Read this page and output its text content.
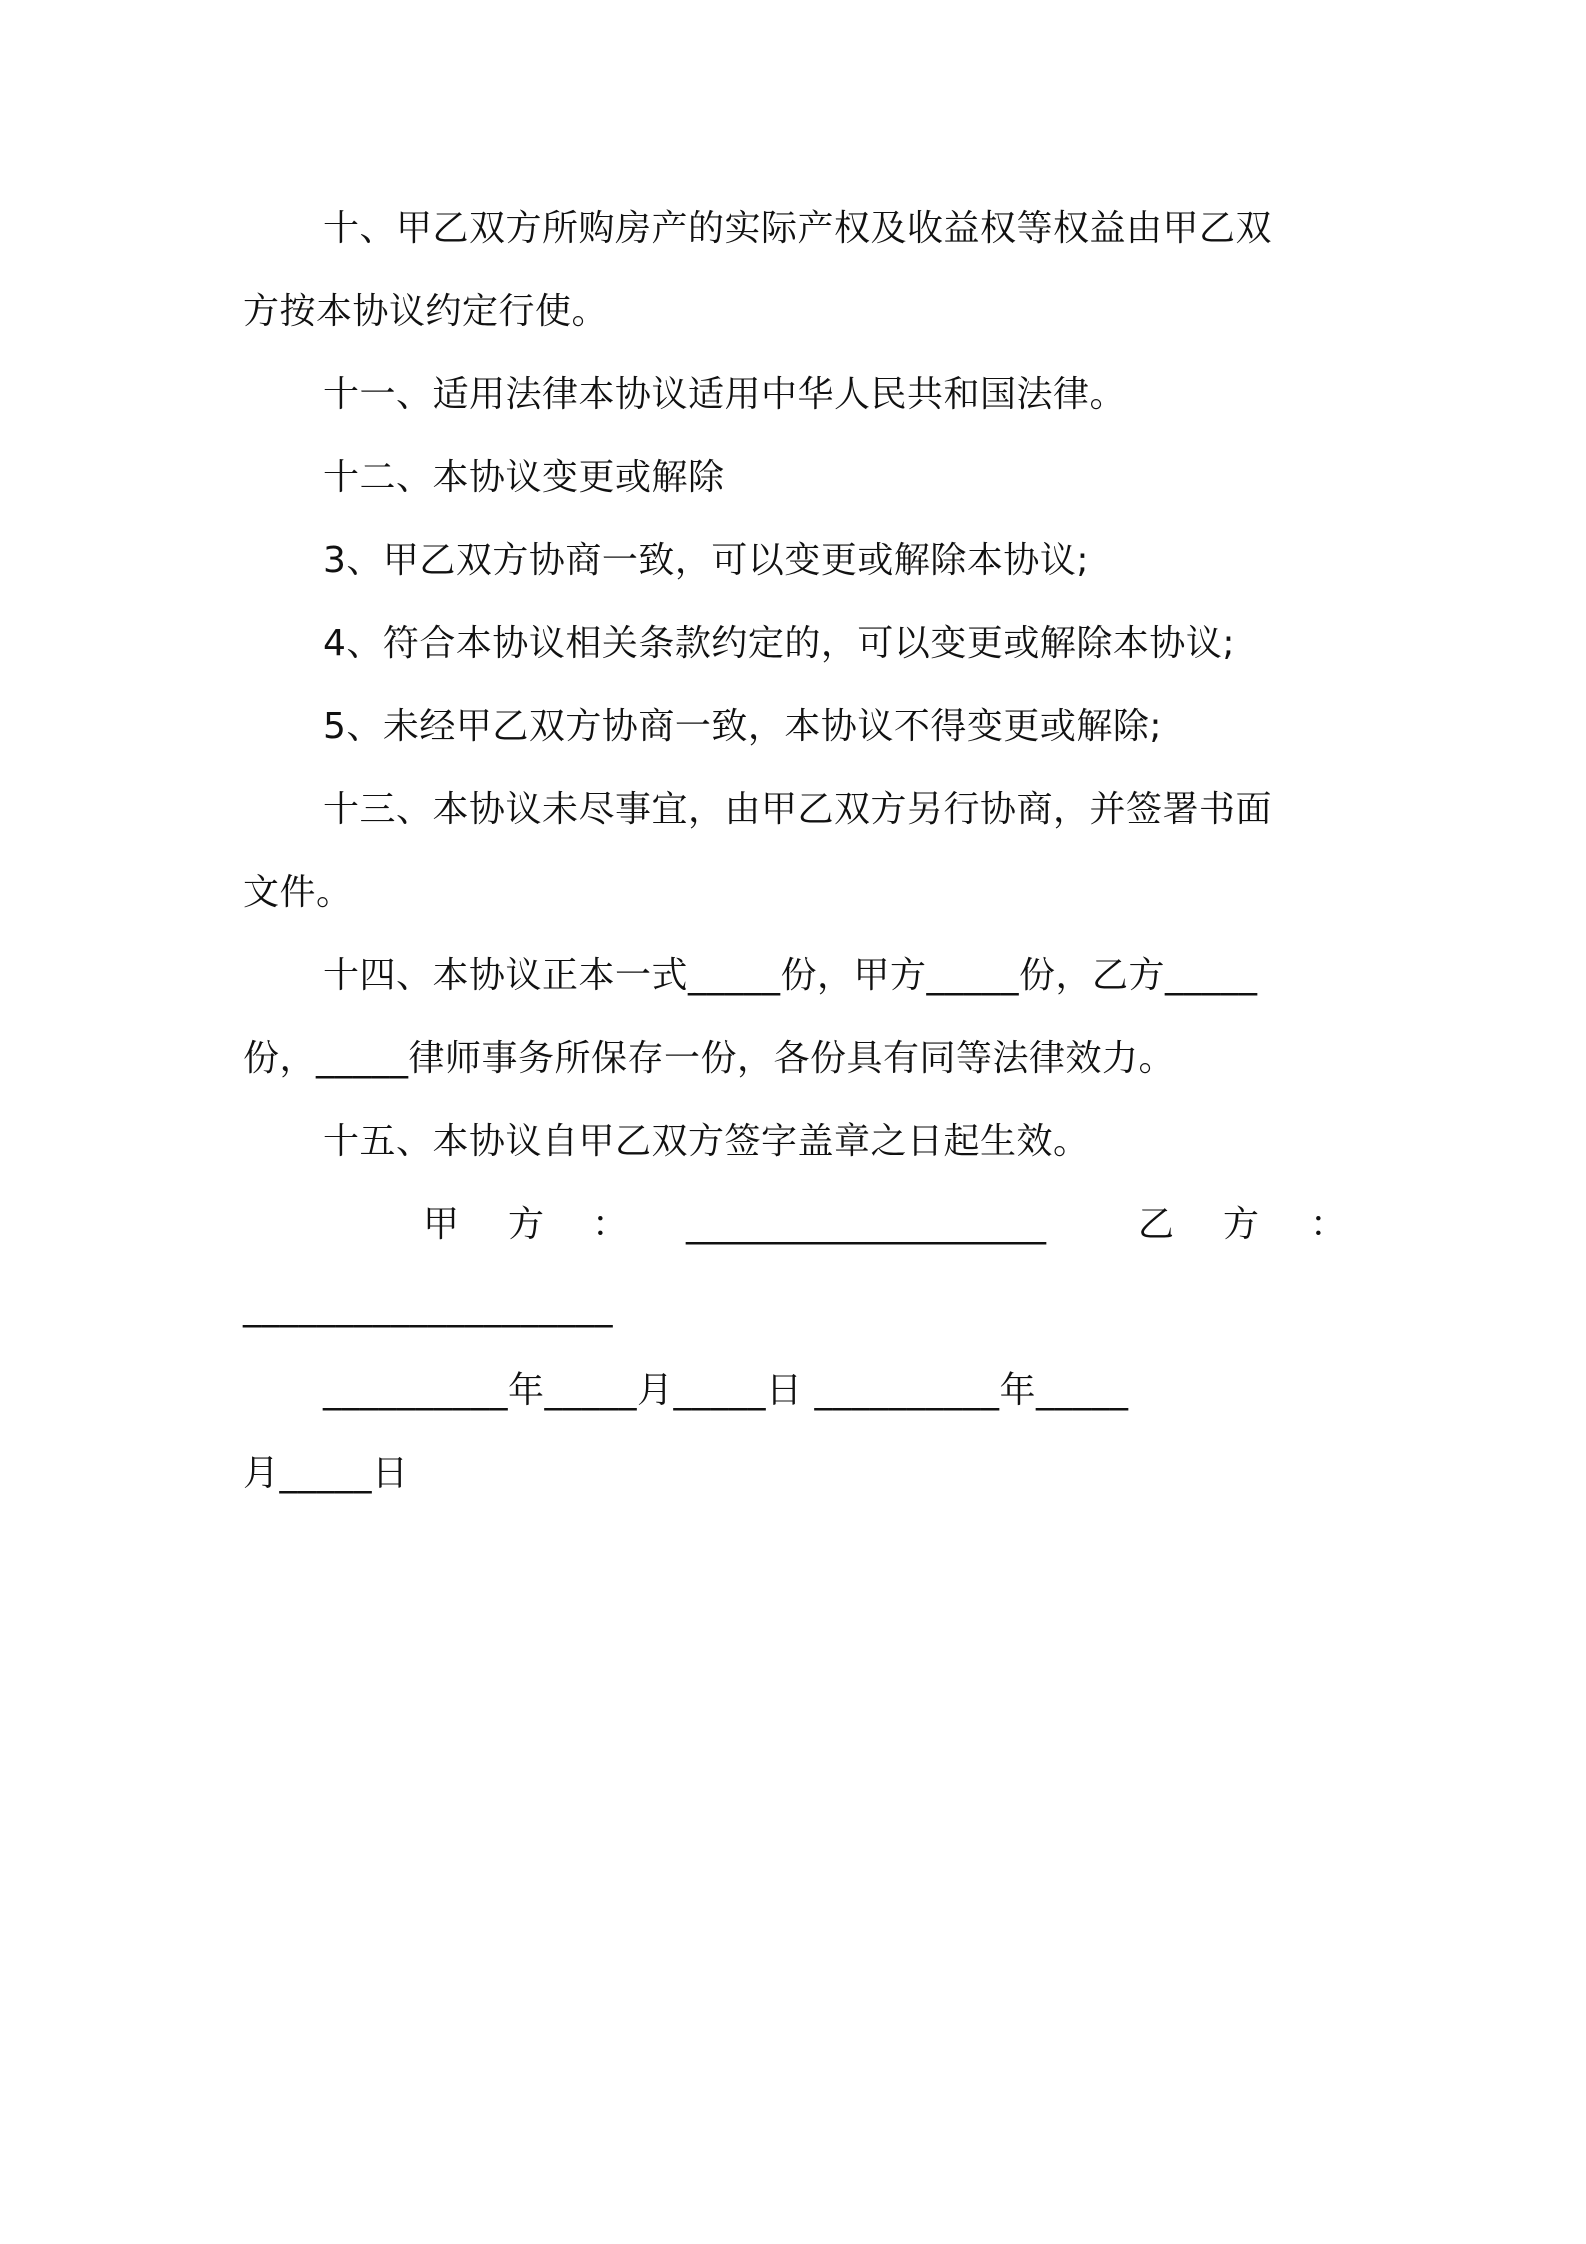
十、甲乙双方所购房产的实际产权及收益权等权益由甲乙双
方按本协议约定行使。
十一、适用法律本协议适用中华人民共和国法律。
十二、本协议变更或解除
3、甲乙双方协商一致，可以变更或解除本协议;
4、符合本协议相关条款约定的，可以变更或解除本协议;
5、未经甲乙双方协商一致，本协议不得变更或解除;
十三、本协议未尽事宜，由甲乙双方另行协商，并签署书面
文件。
十四、本协议正本一式_____份，甲方_____份，乙方_____
份，_____律师事务所保存一份，各份具有同等法律效力。
十五、本协议自甲乙双方签字盖章之日起生效。
甲 方 ： ____________________	乙 方 ：
____________________
__________年_____月_____日 __________年_____
月_____日
